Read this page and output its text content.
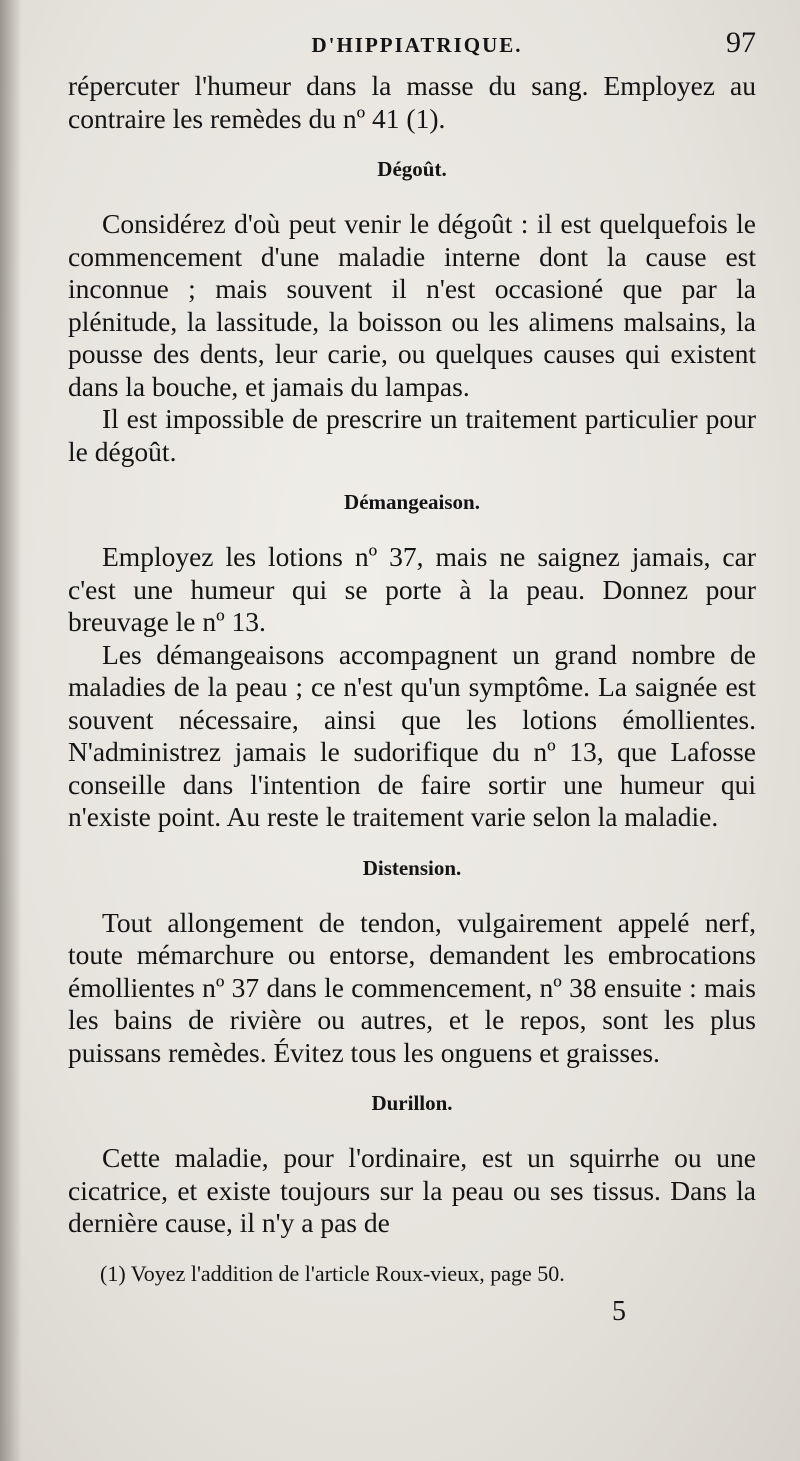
D'HIPPIATRIQUE.	97

répercuter l'humeur dans la masse du sang. Employez au contraire les remèdes du nº 41 (1).

Dégoût.

Considérez d'où peut venir le dégoût : il est quelquefois le commencement d'une maladie interne dont la cause est inconnue ; mais souvent il n'est occasioné que par la plénitude, la lassitude, la boisson ou les alimens malsains, la pousse des dents, leur carie, ou quelques causes qui existent dans la bouche, et jamais du lampas.

Il est impossible de prescrire un traitement particulier pour le dégoût.

Démangeaison.

Employez les lotions nº 37, mais ne saignez jamais, car c'est une humeur qui se porte à la peau. Donnez pour breuvage le nº 13.

Les démangeaisons accompagnent un grand nombre de maladies de la peau ; ce n'est qu'un symptôme. La saignée est souvent nécessaire, ainsi que les lotions émollientes. N'administrez jamais le sudorifique du nº 13, que Lafosse conseille dans l'intention de faire sortir une humeur qui n'existe point. Au reste le traitement varie selon la maladie.

Distension.

Tout allongement de tendon, vulgairement appelé nerf, toute mémarchure ou entorse, demandent les embrocations émollientes nº 37 dans le commencement, nº 38 ensuite : mais les bains de rivière ou autres, et le repos, sont les plus puissans remèdes. Évitez tous les onguens et graisses.

Durillon.

Cette maladie, pour l'ordinaire, est un squirrhe ou une cicatrice, et existe toujours sur la peau ou ses tissus. Dans la dernière cause, il n'y a pas de

(1) Voyez l'addition de l'article Roux-vieux, page 50.
5
